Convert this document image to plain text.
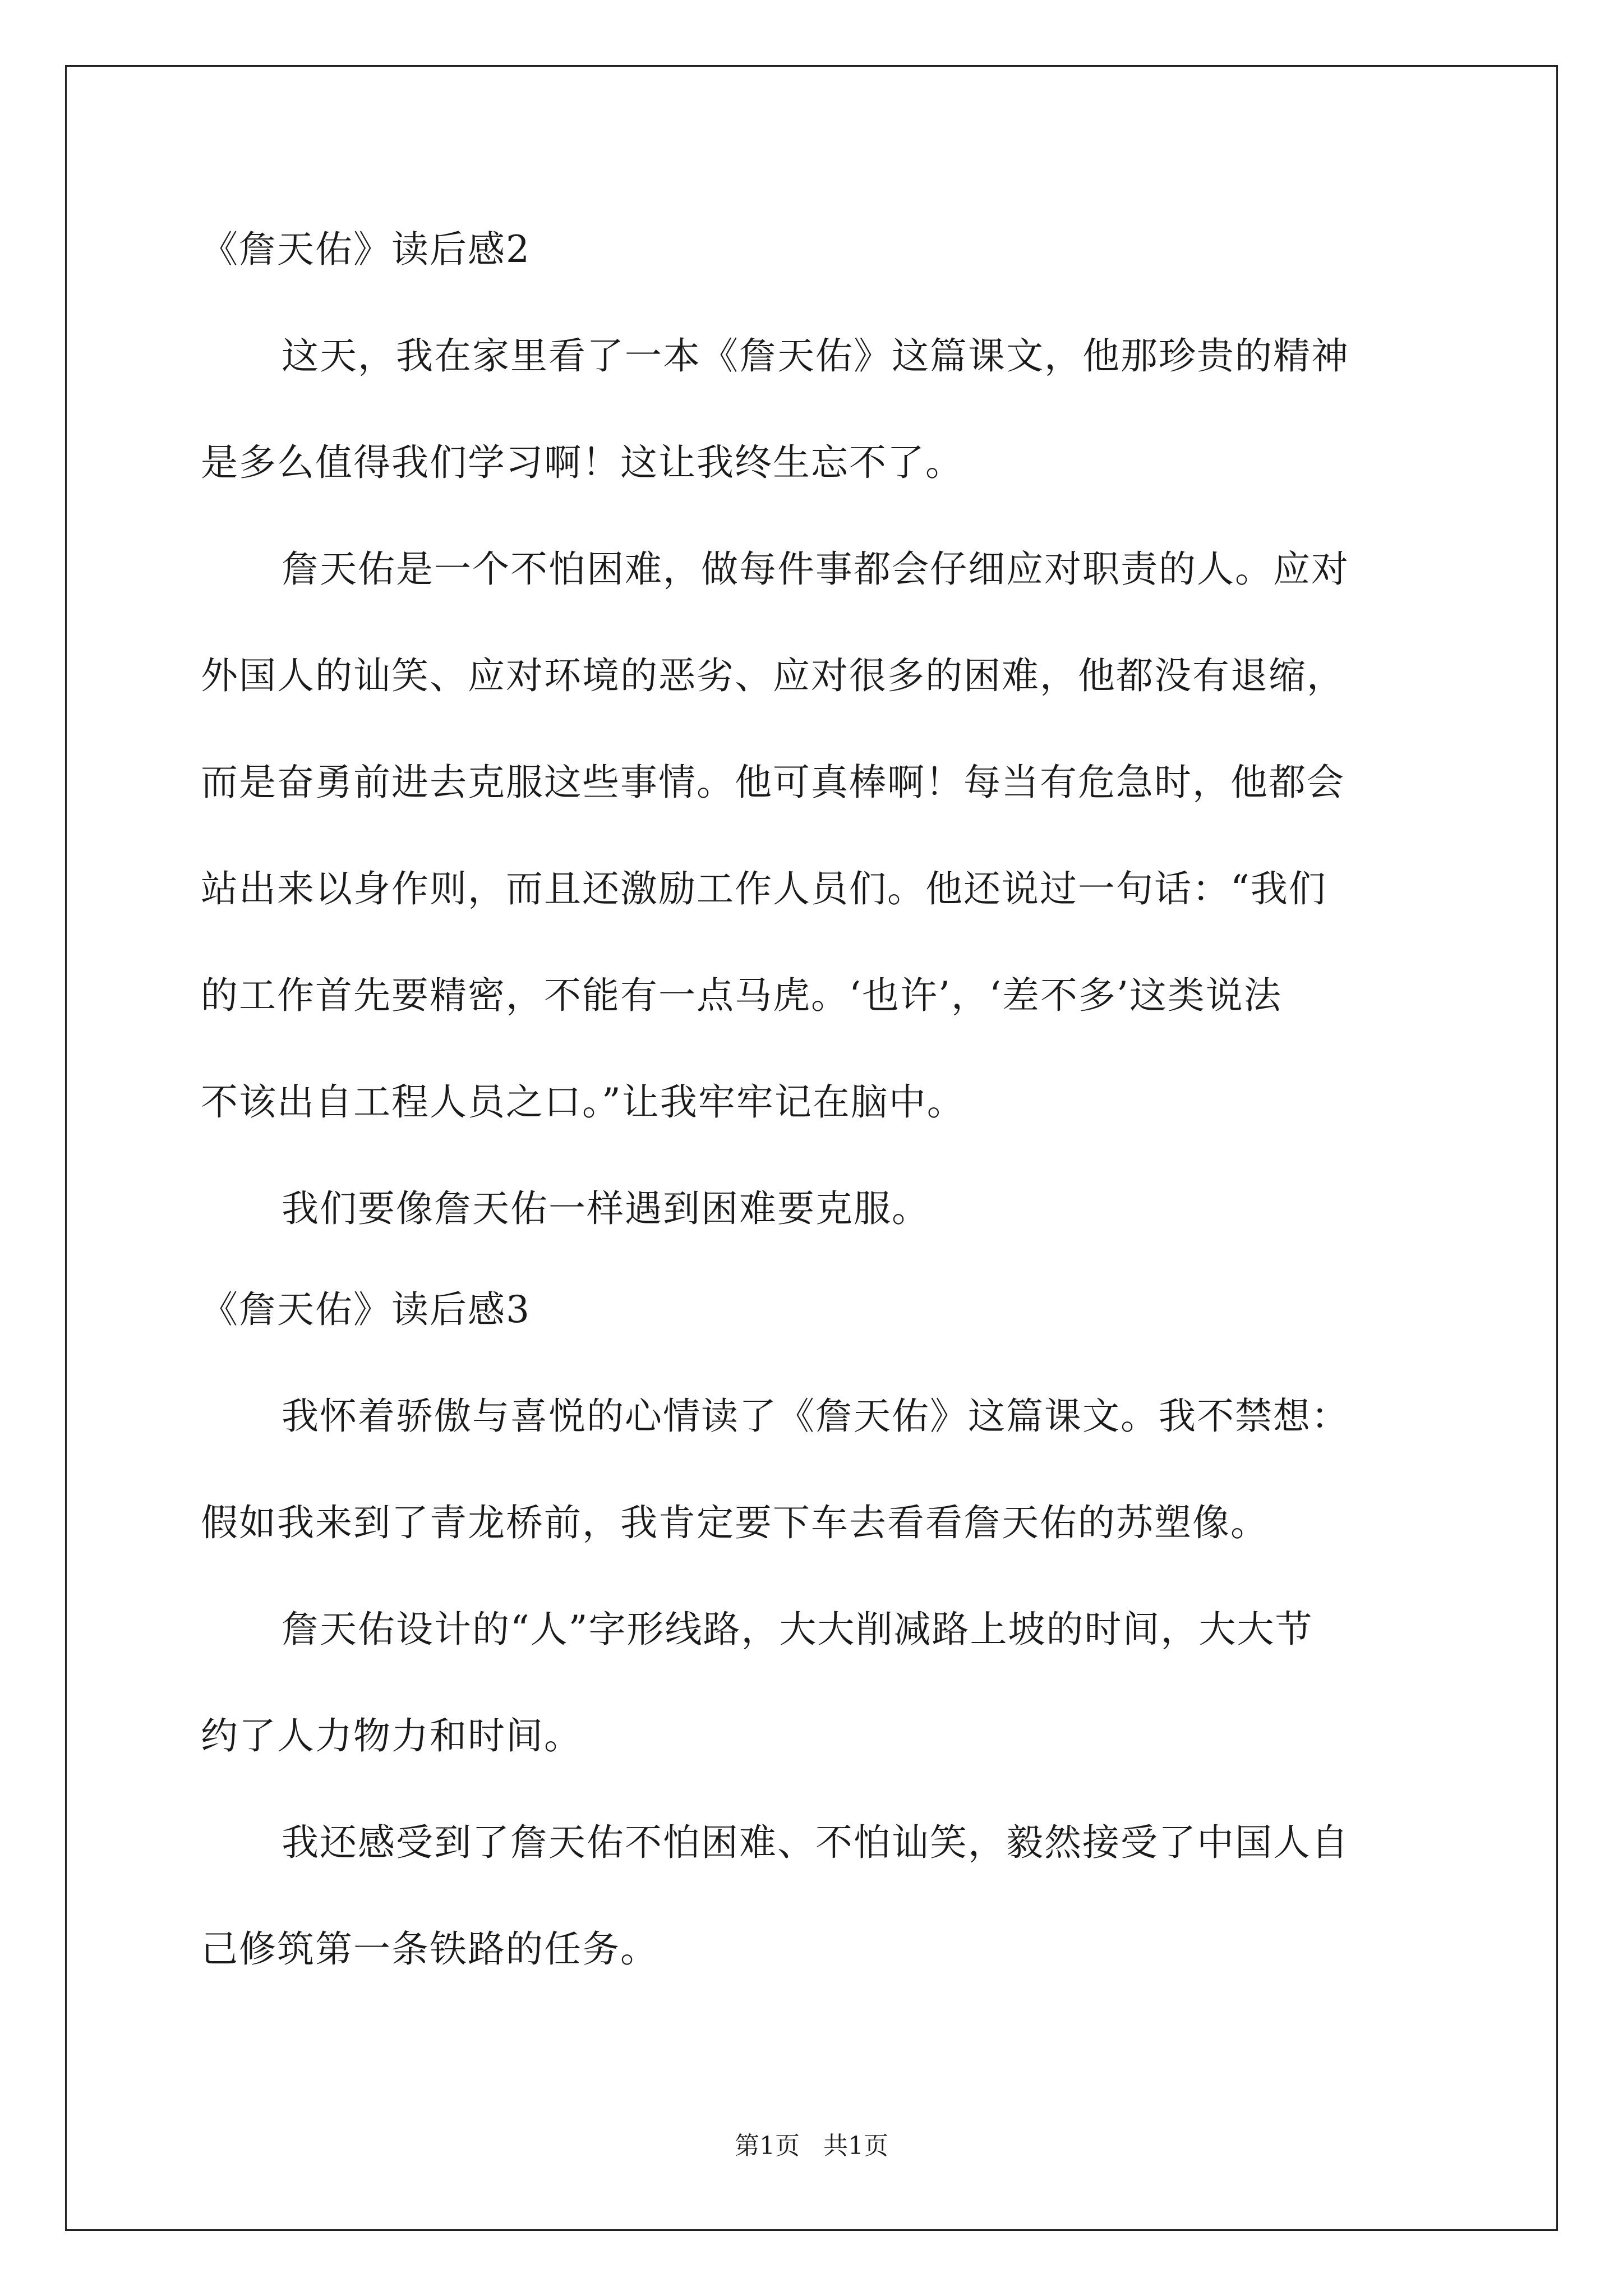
《詹天佑》读后感2
这天，我在家里看了一本《詹天佑》这篇课文，他那珍贵的精神
是多么值得我们学习啊！这让我终生忘不了。
詹天佑是一个不怕困难，做每件事都会仔细应对职责的人。应对
外国人的讪笑、应对环境的恶劣、应对很多的困难，他都没有退缩，
而是奋勇前进去克服这些事情。他可真棒啊！每当有危急时，他都会
站出来以身作则，而且还激励工作人员们。他还说过一句话：“我们
的工作首先要精密，不能有一点马虎。‘也许’，‘差不多’这类说法
不该出自工程人员之口。”让我牢牢记在脑中。
我们要像詹天佑一样遇到困难要克服。
《詹天佑》读后感3
我怀着骄傲与喜悦的心情读了《詹天佑》这篇课文。我不禁想：
假如我来到了青龙桥前，我肯定要下车去看看詹天佑的苏塑像。
詹天佑设计的“人”字形线路，大大削减路上坡的时间，大大节
约了人力物力和时间。
我还感受到了詹天佑不怕困难、不怕讪笑，毅然接受了中国人自
己修筑第一条铁路的任务。
第1页 共1页
